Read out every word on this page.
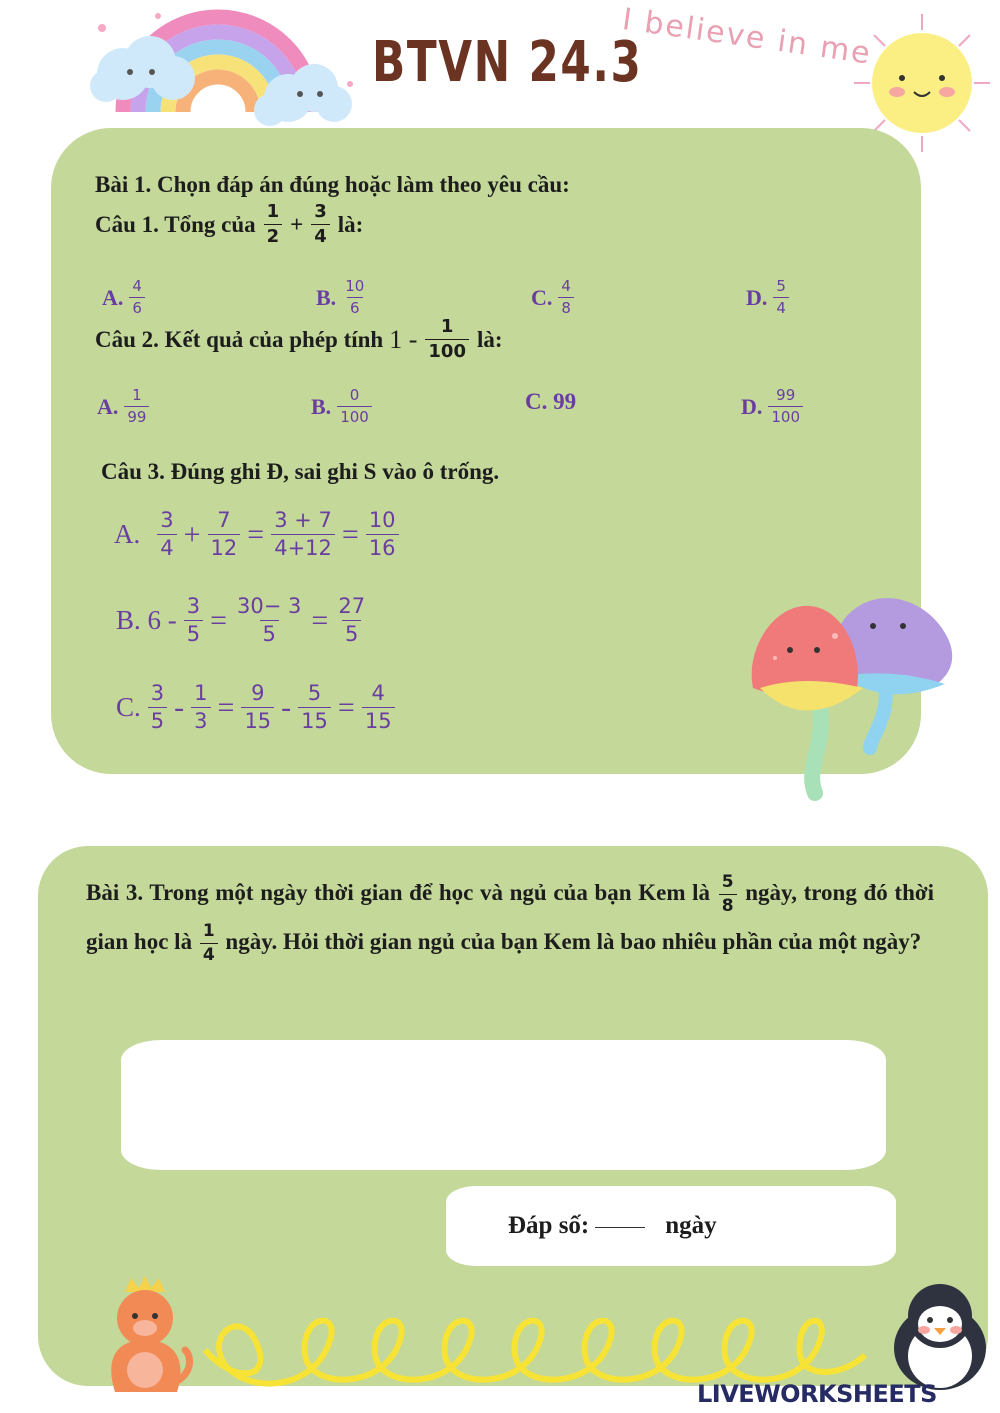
BTVN 24.3
I believe in me
Bài 1. Chọn đáp án đúng hoặc làm theo yêu cầu:
Câu 1. Tổng của $\frac{1}{2} + \frac{3}{4}$ là:
A. $\frac{4}{6}$	B. $\frac{10}{6}$	C. $\frac{4}{8}$	D. $\frac{5}{4}$
Câu 2. Kết quả của phép tính $1 - \frac{1}{100}$ là:
A. $\frac{1}{99}$	B. $\frac{0}{100}$	C. 99	D. $\frac{99}{100}$
Câu 3. Đúng ghi Đ, sai ghi S vào ô trống.
A. $\frac{3}{4} + \frac{7}{12} = \frac{3 + 7}{4+12} = \frac{10}{16}$
B. $6 - \frac{3}{5} = \frac{30- 3}{5} = \frac{27}{5}$
C. $\frac{3}{5} - \frac{1}{3} = \frac{9}{15} - \frac{5}{15} = \frac{4}{15}$
Bài 3. Trong một ngày thời gian để học và ngủ của bạn Kem là $\frac{5}{8}$ ngày, trong đó thời gian học là $\frac{1}{4}$ ngày. Hỏi thời gian ngủ của bạn Kem là bao nhiêu phần của một ngày?
Đáp số:	ngày
LIVEWORKSHEETS
